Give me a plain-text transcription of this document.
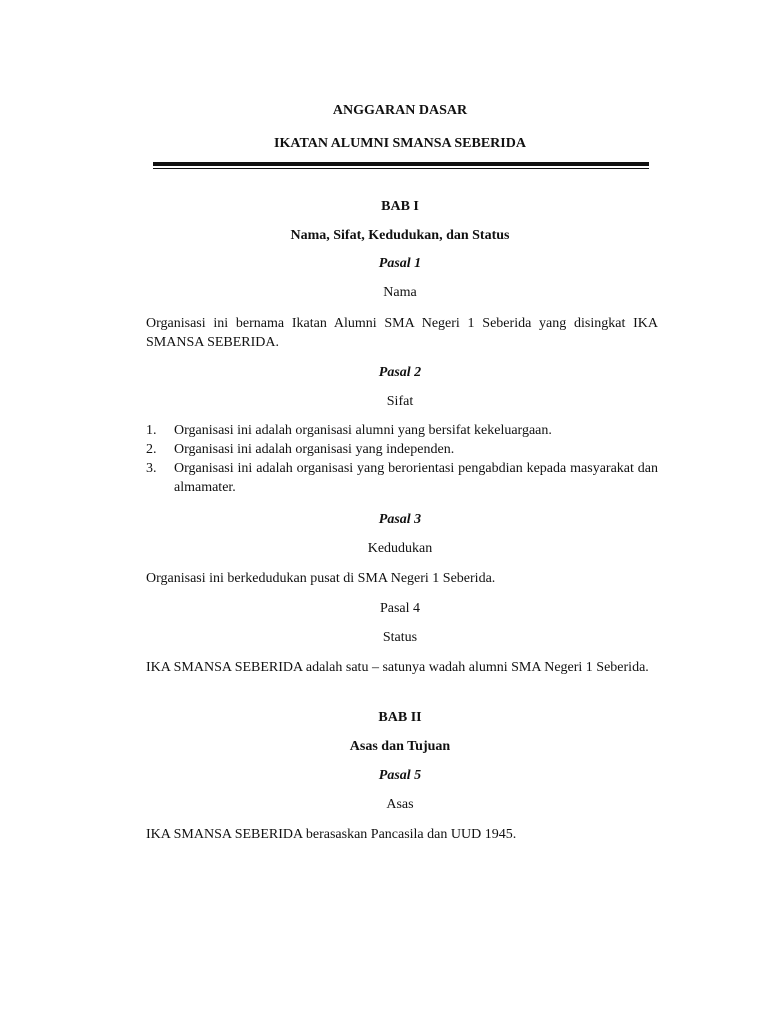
ANGGARAN DASAR
IKATAN ALUMNI SMANSA SEBERIDA
BAB I
Nama, Sifat, Kedudukan, dan Status
Pasal 1
Nama
Organisasi ini bernama Ikatan Alumni SMA Negeri 1 Seberida yang disingkat IKA SMANSA SEBERIDA.
Pasal 2
Sifat
1. Organisasi ini adalah organisasi alumni yang bersifat kekeluargaan.
2. Organisasi ini adalah organisasi yang independen.
3. Organisasi ini adalah organisasi yang berorientasi pengabdian kepada masyarakat dan almamater.
Pasal 3
Kedudukan
Organisasi ini berkedudukan pusat di SMA Negeri 1 Seberida.
Pasal 4
Status
IKA SMANSA SEBERIDA adalah satu – satunya wadah alumni SMA Negeri 1 Seberida.
BAB II
Asas dan Tujuan
Pasal 5
Asas
IKA SMANSA SEBERIDA berasaskan Pancasila dan UUD 1945.
